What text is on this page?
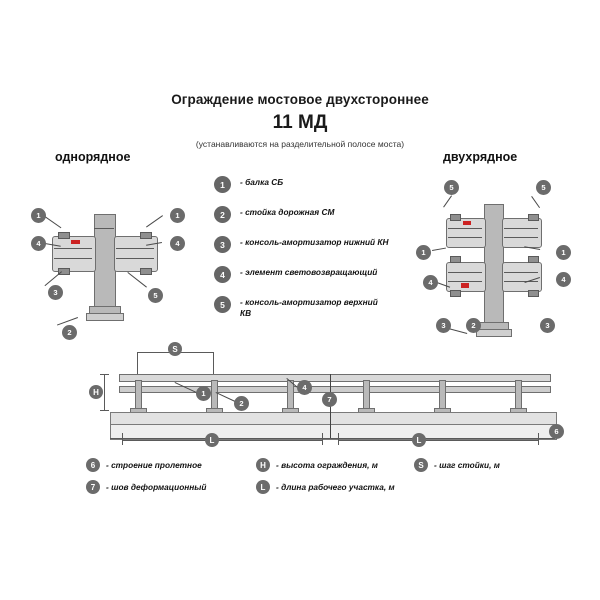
Ограждение мостовое двухстороннее
11 МД
(устанавливаются на разделительной полосе моста)
однорядное	двухрядное
1	- балка СБ
2	- стойка дорожная СМ
3	- консоль-амортизатор нижний КН
4	- элемент световозвращающий
5	- консоль-амортизатор верхний КВ
1	1
4	4
3	5
2
5	5
1	1
4	4
3	3
2
S
H
7
L	L
1
2
4
6
6	- строение пролетное	H	- высота ограждения, м	S	- шаг стойки, м
7	- шов деформационный	L	- длина рабочего участка, м
